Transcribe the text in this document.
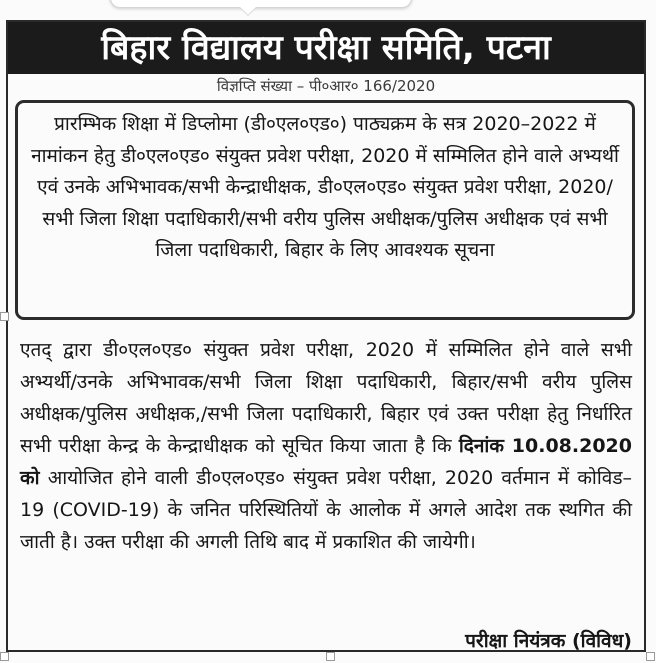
बिहार विद्यालय परीक्षा समिति, पटना
विज्ञप्ति संख्या – पी०आर० 166/2020

प्रारम्भिक शिक्षा में डिप्लोमा (डी०एल०एड०) पाठ्यक्रम के सत्र 2020–2022 में नामांकन हेतु डी०एल०एड० संयुक्त प्रवेश परीक्षा, 2020 में सम्मिलित होने वाले अभ्यर्थी एवं उनके अभिभावक/सभी केन्द्राधीक्षक, डी०एल०एड० संयुक्त प्रवेश परीक्षा, 2020/सभी जिला शिक्षा पदाधिकारी/सभी वरीय पुलिस अधीक्षक/पुलिस अधीक्षक एवं सभी जिला पदाधिकारी, बिहार के लिए आवश्यक सूचना

एतद् द्वारा डी०एल०एड० संयुक्त प्रवेश परीक्षा, 2020 में सम्मिलित होने वाले सभी अभ्यर्थी/उनके अभिभावक/सभी जिला शिक्षा पदाधिकारी, बिहार/सभी वरीय पुलिस अधीक्षक/पुलिस अधीक्षक,/सभी जिला पदाधिकारी, बिहार एवं उक्त परीक्षा हेतु निर्धारित सभी परीक्षा केन्द्र के केन्द्राधीक्षक को सूचित किया जाता है कि दिनांक 10.08.2020 को आयोजित होने वाली डी०एल०एड० संयुक्त प्रवेश परीक्षा, 2020 वर्तमान में कोविड–19 (COVID-19) के जनित परिस्थितियों के आलोक में अगले आदेश तक स्थगित की जाती है। उक्त परीक्षा की अगली तिथि बाद में प्रकाशित की जायेगी।

परीक्षा नियंत्रक (विविध)
